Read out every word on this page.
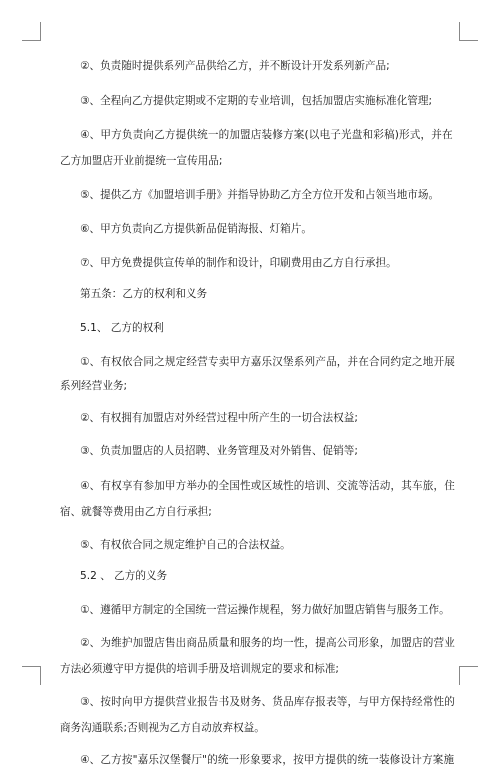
②、负责随时提供系列产品供给乙方，并不断设计开发系列新产品;
③、全程向乙方提供定期或不定期的专业培训，包括加盟店实施标准化管理;
④、甲方负责向乙方提供统一的加盟店装修方案(以电子光盘和彩稿)形式，并在
乙方加盟店开业前提统一宣传用品;
⑤、提供乙方《加盟培训手册》并指导协助乙方全方位开发和占领当地市场。
⑥、甲方负责向乙方提供新品促销海报、灯箱片。
⑦、甲方免费提供宣传单的制作和设计，印刷费用由乙方自行承担。
第五条：乙方的权利和义务
5.1、 乙方的权利
①、有权依合同之规定经营专卖甲方嘉乐汉堡系列产品，并在合同约定之地开展
系列经营业务;
②、有权拥有加盟店对外经营过程中所产生的一切合法权益;
③、负责加盟店的人员招聘、业务管理及对外销售、促销等;
④、有权享有参加甲方举办的全国性或区域性的培训、交流等活动，其车旅，住
宿、就餐等费用由乙方自行承担;
⑤、有权依合同之规定维护自己的合法权益。
5.2 、 乙方的义务
①、遵循甲方制定的全国统一营运操作规程，努力做好加盟店销售与服务工作。
②、为维护加盟店售出商品质量和服务的均一性，提高公司形象，加盟店的营业
方法必须遵守甲方提供的培训手册及培训规定的要求和标准;
③、按时向甲方提供营业报告书及财务、货品库存报表等，与甲方保持经常性的
商务沟通联系;否则视为乙方自动放弃权益。
④、乙方按"嘉乐汉堡餐厅"的统一形象要求，按甲方提供的统一装修设计方案施
